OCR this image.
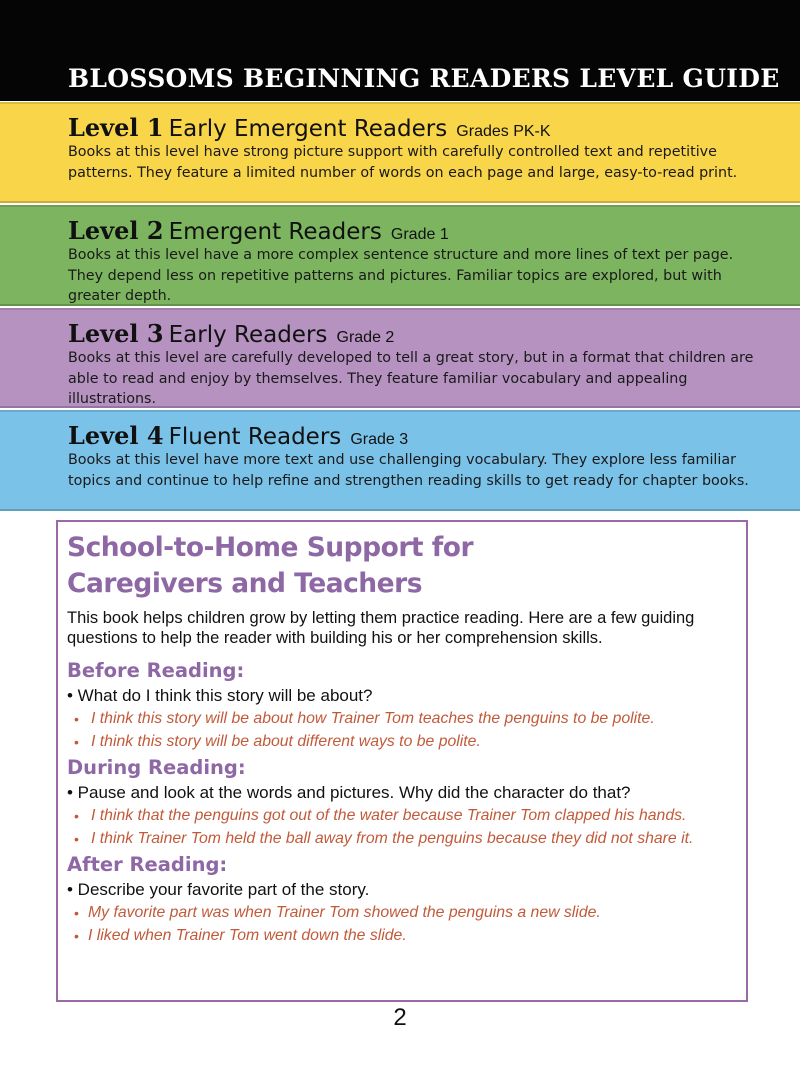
BLOSSOMS BEGINNING READERS LEVEL GUIDE
Level 1 Early Emergent Readers Grades PK-K

Books at this level have strong picture support with carefully controlled text and repetitive patterns. They feature a limited number of words on each page and large, easy-to-read print.

Level 2 Emergent Readers Grade 1

Books at this level have a more complex sentence structure and more lines of text per page. They depend less on repetitive patterns and pictures. Familiar topics are explored, but with greater depth.

Level 3 Early Readers Grade 2

Books at this level are carefully developed to tell a great story, but in a format that children are able to read and enjoy by themselves. They feature familiar vocabulary and appealing illustrations.

Level 4 Fluent Readers Grade 3

Books at this level have more text and use challenging vocabulary. They explore less familiar topics and continue to help refine and strengthen reading skills to get ready for chapter books.

School-to-Home Support for
Caregivers and Teachers

This book helps children grow by letting them practice reading. Here are a few guiding questions to help the reader with building his or her comprehension skills.

Before Reading:

• What do I think this story will be about?

• I think this story will be about how Trainer Tom teaches the penguins to be polite.
• I think this story will be about different ways to be polite.
During Reading:

• Pause and look at the words and pictures. Why did the character do that?

• I think that the penguins got out of the water because Trainer Tom clapped his hands.
• I think Trainer Tom held the ball away from the penguins because they did not share it.
After Reading:

• Describe your favorite part of the story.

• My favorite part was when Trainer Tom showed the penguins a new slide.
• I liked when Trainer Tom went down the slide.
2
